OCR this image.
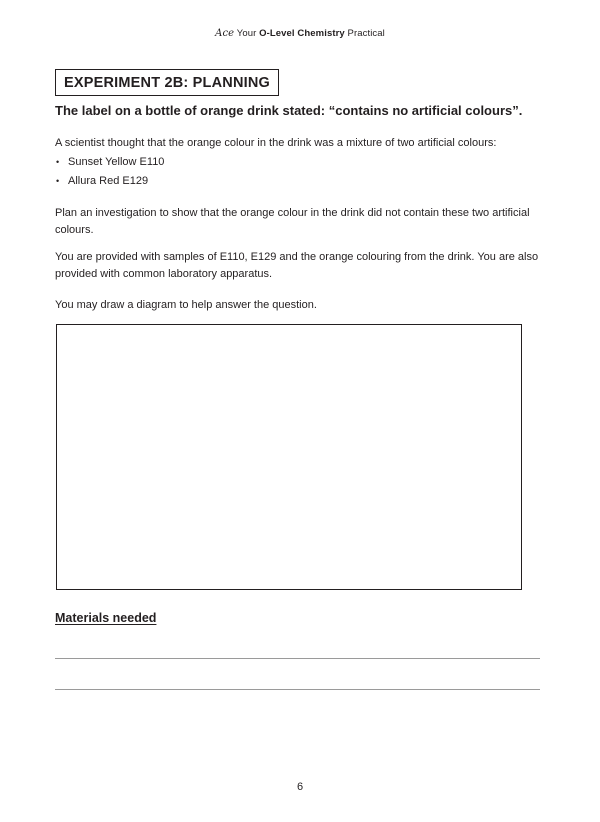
Ace Your O-Level Chemistry Practical
EXPERIMENT 2B: PLANNING
The label on a bottle of orange drink stated: “contains no artificial colours”.
A scientist thought that the orange colour in the drink was a mixture of two artificial colours:
• Sunset Yellow E110
• Allura Red E129
Plan an investigation to show that the orange colour in the drink did not contain these two artificial colours.
You are provided with samples of E110, E129 and the orange colouring from the drink. You are also provided with common laboratory apparatus.
You may draw a diagram to help answer the question.
Materials needed
6
